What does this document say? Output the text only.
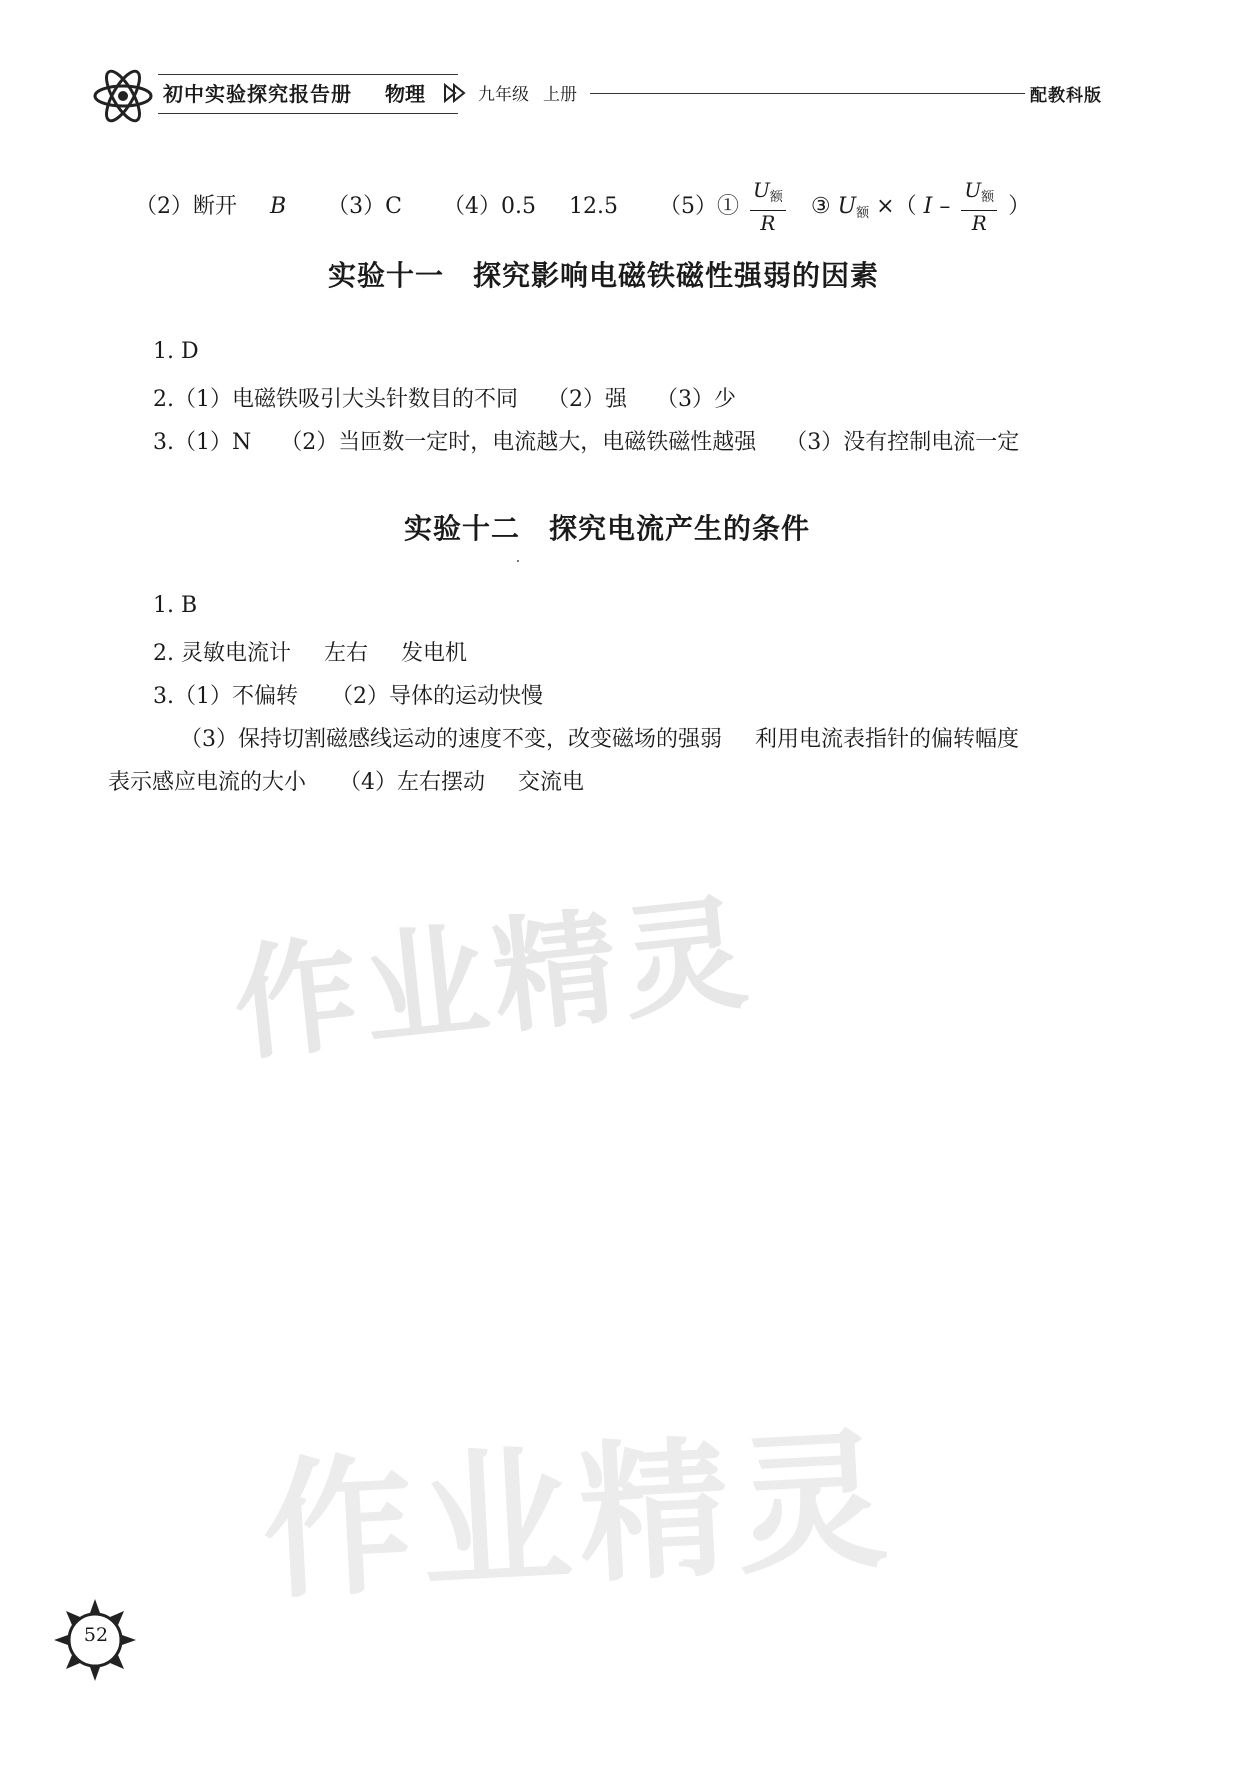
初中实验探究报告册 物理	九年级 上册	配教科版
（2）断开 B （3）C （4）0.5 12.5 （5）① $\frac{\text{U额}}{R}$ ③ U额 ×（ I – $\frac{\text{U额}}{R}$ ）
实验十一　探究影响电磁铁磁性强弱的因素
1. D
2.（1）电磁铁吸引大头针数目的不同 （2）强 （3）少
3.（1）N （2）当匝数一定时，电流越大，电磁铁磁性越强 （3）没有控制电流一定
实验十二　探究电流产生的条件
1. B
2. 灵敏电流计 左右 发电机
3.（1）不偏转 （2）导体的运动快慢
（3）保持切割磁感线运动的速度不变，改变磁场的强弱 利用电流表指针的偏转幅度
表示感应电流的大小 （4）左右摆动 交流电
作业精灵
作业精灵
52
